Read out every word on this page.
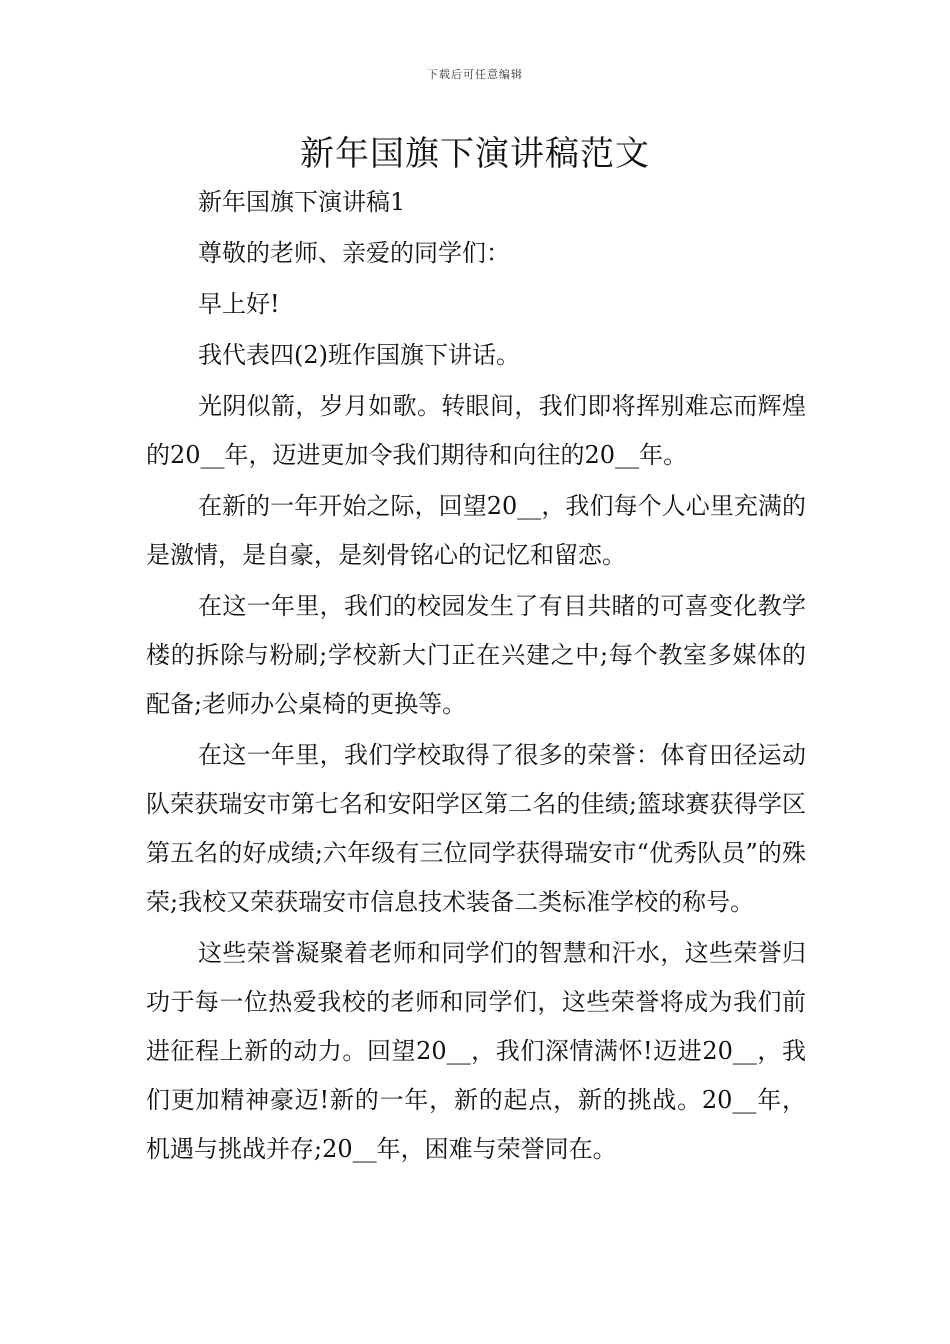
下载后可任意编辑
新年国旗下演讲稿范文

新年国旗下演讲稿1

尊敬的老师、亲爱的同学们：

早上好!

我代表四(2)班作国旗下讲话。

光阴似箭，岁月如歌。转眼间，我们即将挥别难忘而辉煌的20__年，迈进更加令我们期待和向往的20__年。

在新的一年开始之际，回望20__，我们每个人心里充满的是激情，是自豪，是刻骨铭心的记忆和留恋。

在这一年里，我们的校园发生了有目共睹的可喜变化教学楼的拆除与粉刷;学校新大门正在兴建之中;每个教室多媒体的配备;老师办公桌椅的更换等。

在这一年里，我们学校取得了很多的荣誉：体育田径运动队荣获瑞安市第七名和安阳学区第二名的佳绩;篮球赛获得学区第五名的好成绩;六年级有三位同学获得瑞安市“优秀队员”的殊荣;我校又荣获瑞安市信息技术装备二类标准学校的称号。

这些荣誉凝聚着老师和同学们的智慧和汗水，这些荣誉归功于每一位热爱我校的老师和同学们，这些荣誉将成为我们前进征程上新的动力。回望20__，我们深情满怀!迈进20__，我们更加精神豪迈!新的一年，新的起点，新的挑战。20__年，机遇与挑战并存;20__年，困难与荣誉同在。
